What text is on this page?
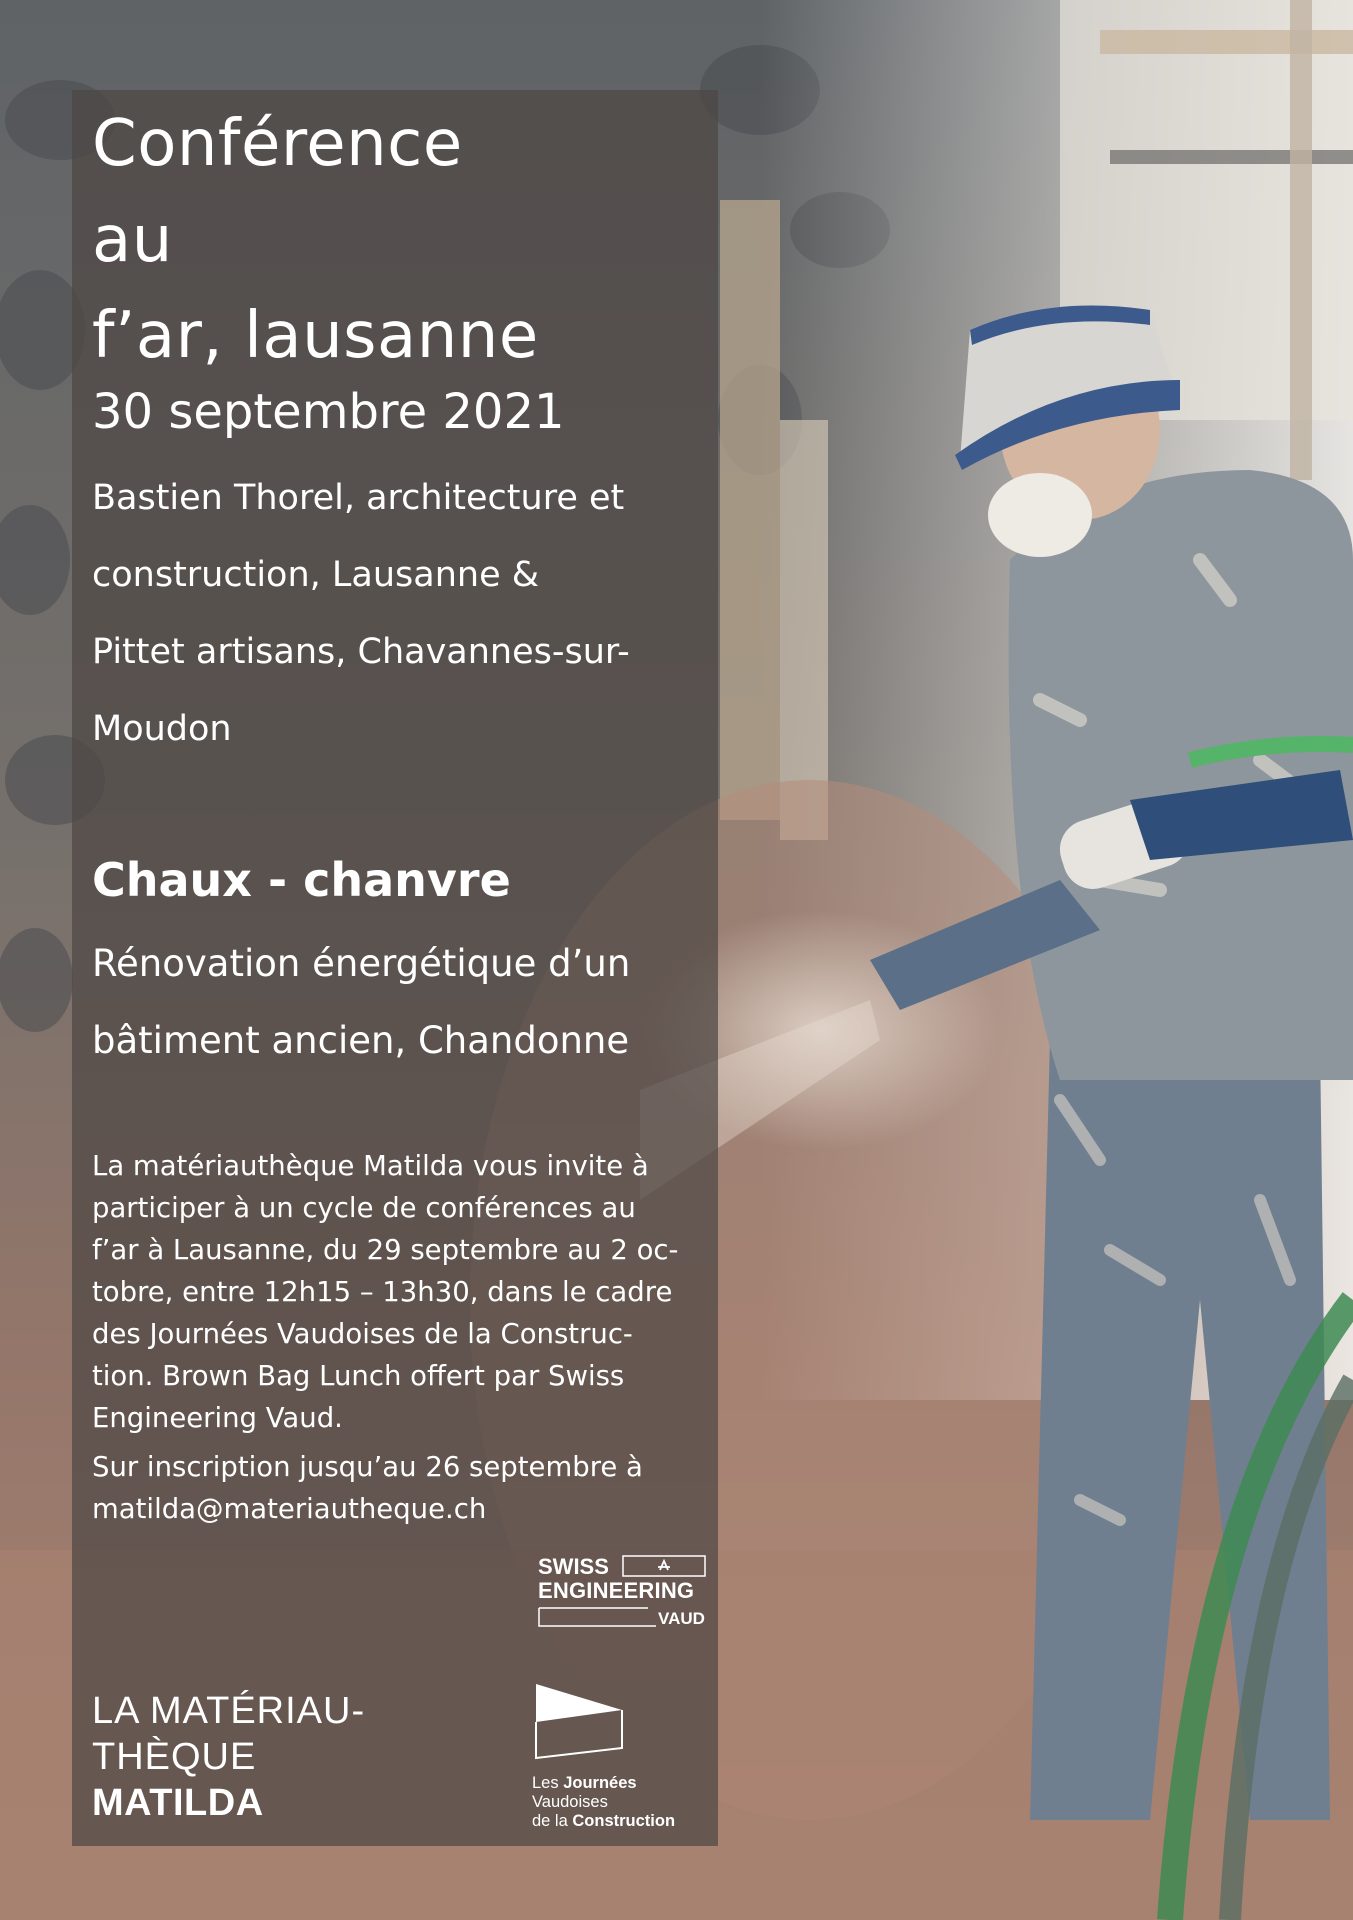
Conférence
au
f’ar, lausanne

30 septembre 2021

Bastien Thorel, architecture et

construction, Lausanne &

Pittet artisans, Chavannes-sur-

Moudon

Chaux - chanvre

Rénovation énergétique d’un

bâtiment ancien, Chandonne

La matériauthèque Matilda vous invite à

participer à un cycle de conférences au

f’ar à Lausanne, du 29 septembre au 2 oc-

tobre, entre 12h15 – 13h30, dans le cadre

des Journées Vaudoises de la Construc-

tion. Brown Bag Lunch offert par Swiss

Engineering Vaud.

Sur inscription jusqu’au 26 septembre à

matilda@materiautheque.ch

SWISS
ENGINEERING
VAUD
Les Journées
Vaudoises
de la Construction
LA MATÉRIAU-
THÈQUE
MATILDA
